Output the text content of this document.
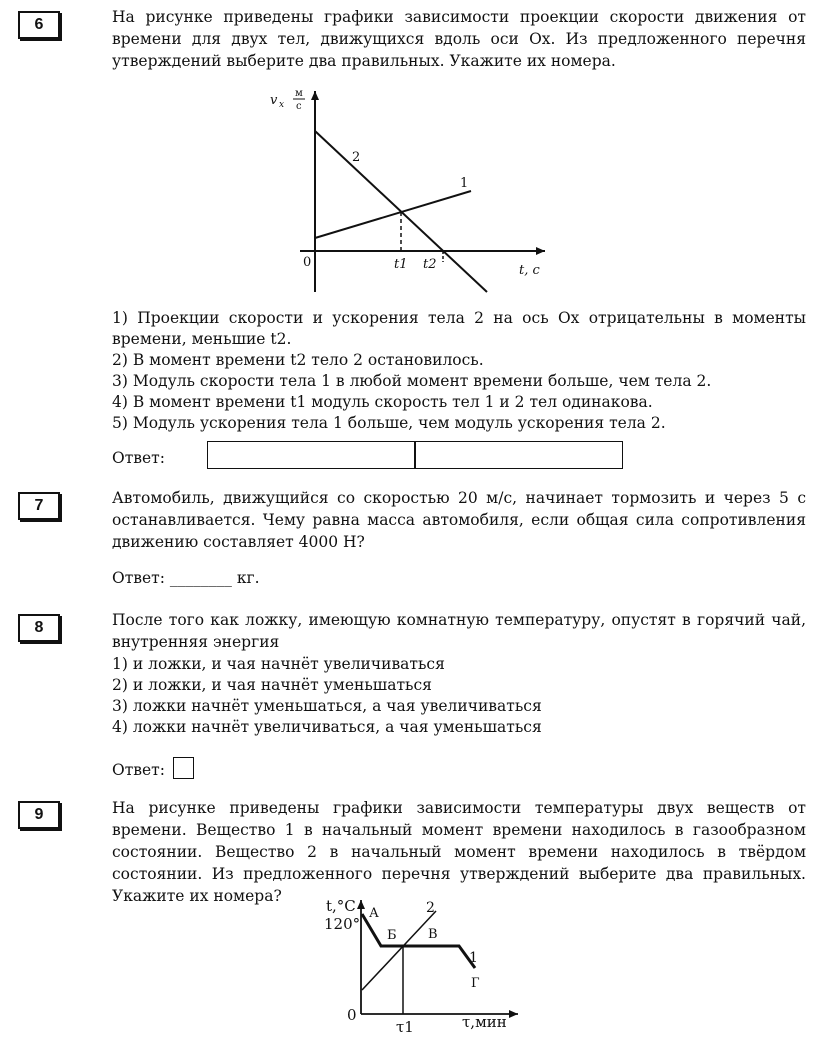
6	На рисунке приведены графики зависимости проекции скорости движения от времени для двух тел, движущихся вдоль оси Ox. Из предложенного перечня утверждений выберите два правильных. Укажите их номера.

v x
м
с
0	t1 t2	t, с
1
2
1) Проекции скорости и ускорения тела 2 на ось Ox отрицательны в моменты времени, меньшие t2.
2) В момент времени t2 тело 2 остановилось.
3) Модуль скорости тела 1 в любой момент времени больше, чем тела 2.
4) В момент времени t1 модуль скорость тел 1 и 2 тел одинакова.
5) Модуль ускорения тела 1 больше, чем модуль ускорения тела 2.
Ответ:
7	Автомобиль, движущийся со скоростью 20 м/с, начинает тормозить и через 5 с останавливается. Чему равна масса автомобиля, если общая сила сопротивления движению составляет 4000 Н?

Ответ: ________ кг.
8	После того как ложку, имеющую комнатную температуру, опустят в горячий чай, внутренняя энергия

1) и ложки, и чая начнёт увеличиваться
2) и ложки, и чая начнёт уменьшаться
3) ложки начнёт уменьшаться, а чая увеличиваться
4) ложки начнёт увеличиваться, а чая уменьшаться
Ответ:
9	На рисунке приведены графики зависимости температуры двух веществ от времени. Вещество 1 в начальный момент времени находилось в газообразном состоянии. Вещество 2 в начальный момент времени находилось в твёрдом состоянии. Из предложенного перечня утверждений выберите два правильных. Укажите их номера?

t,°C
120°
0
τ1	τ,мин
А
Б В
Г
1
2
